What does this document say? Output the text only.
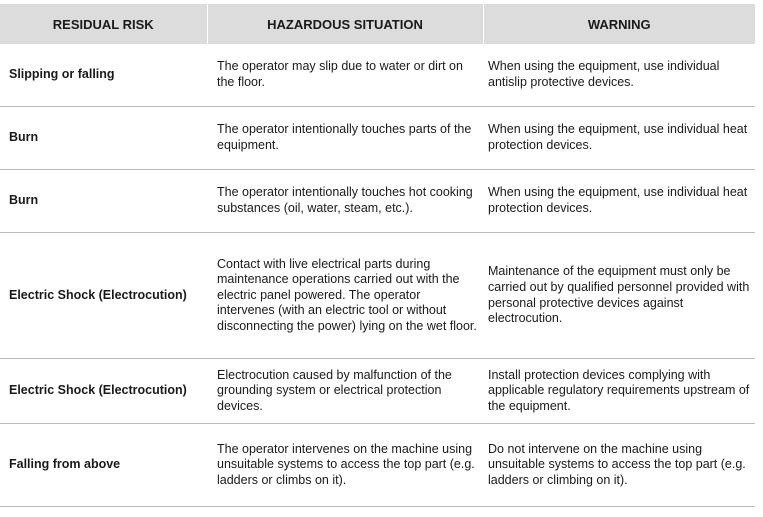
RESIDUAL RISK	HAZARDOUS SITUATION	WARNING
Slipping or falling	The operator may slip due to water or dirt on the floor.	When using the equipment, use individual antislip protective devices.
Burn	The operator intentionally touches parts of the equipment.	When using the equipment, use individual heat protection devices.
Burn	The operator intentionally touches hot cooking substances (oil, water, steam, etc.).	When using the equipment, use individual heat protection devices.
Electric Shock (Electrocution)	Contact with live electrical parts during maintenance operations carried out with the electric panel powered. The operator intervenes (with an electric tool or without disconnecting the power) lying on the wet floor.	Maintenance of the equipment must only be carried out by qualified personnel provided with personal protective devices against electrocution.
Electric Shock (Electrocution)	Electrocution caused by malfunction of the grounding system or electrical protection devices.	Install protection devices complying with applicable regulatory requirements upstream of the equipment.
Falling from above	The operator intervenes on the machine using unsuitable systems to access the top part (e.g. ladders or climbs on it).	Do not intervene on the machine using unsuitable systems to access the top part (e.g. ladders or climbing on it).
